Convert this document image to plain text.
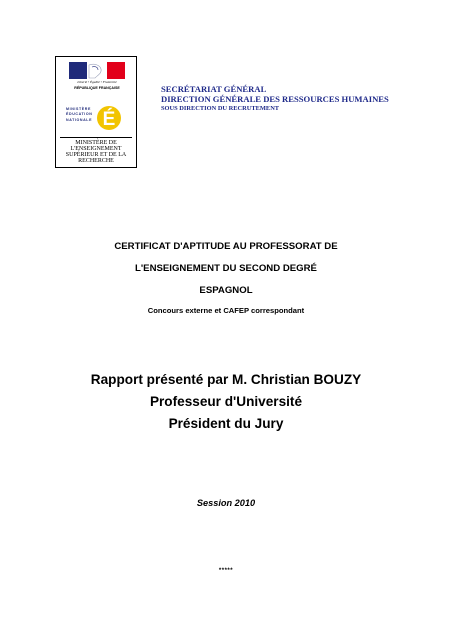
Liberté • Égalité • Fraternité
RÉPUBLIQUE FRANÇAISE
MINISTÈRE
ÉDUCATION
NATIONALE É
MINISTÈRE DE L'ENSEIGNEMENT SUPÉRIEUR ET DE LA RECHERCHE
SECRÉTARIAT GÉNÉRAL
DIRECTION GÉNÉRALE DES RESSOURCES HUMAINES
SOUS DIRECTION DU RECRUTEMENT
CERTIFICAT D'APTITUDE AU PROFESSORAT DE
L'ENSEIGNEMENT DU SECOND DEGRÉ
ESPAGNOL
Concours externe et CAFEP correspondant
Rapport présenté par M. Christian BOUZY
Professeur d'Université
Président du Jury
Session 2010
*****
